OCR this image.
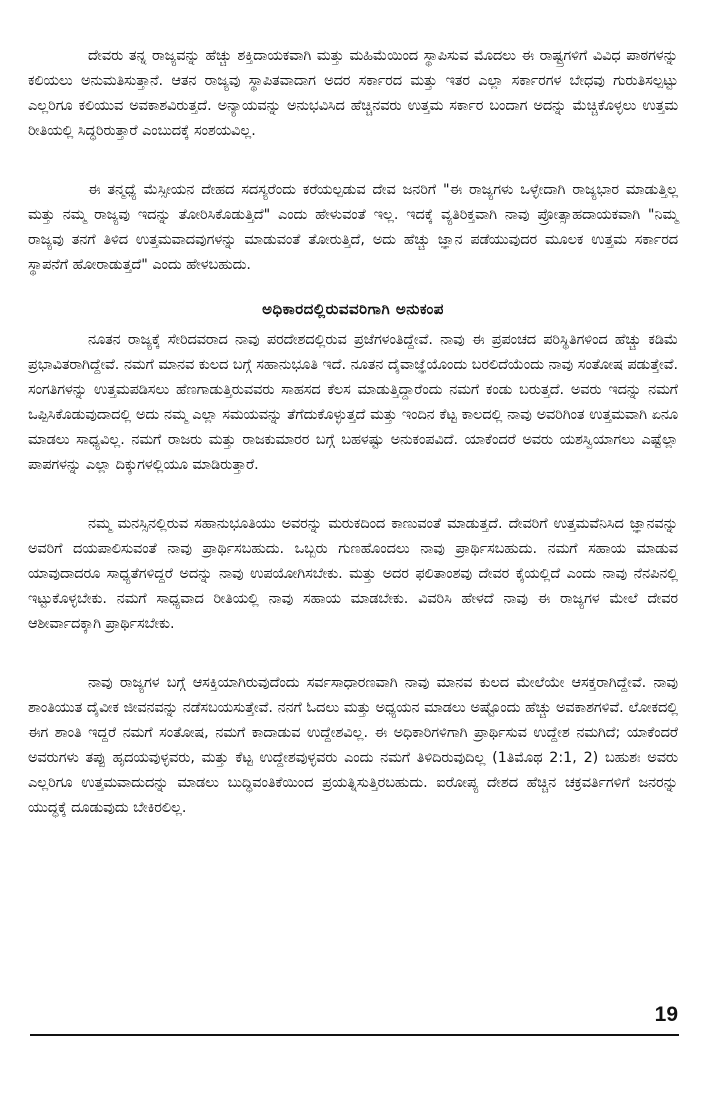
ದೇವರು ತನ್ನ ರಾಜ್ಯವನ್ನು ಹೆಚ್ಚು ಶಕ್ತಿದಾಯಕವಾಗಿ ಮತ್ತು ಮಹಿಮೆಯಿಂದ ಸ್ಥಾಪಿಸುವ ಮೊದಲು ಈ ರಾಷ್ಟ್ರಗಳಿಗೆ ವಿವಿಧ ಪಾಠಗಳನ್ನು ಕಲಿಯಲು ಅನುಮತಿಸುತ್ತಾನೆ. ಆತನ ರಾಜ್ಯವು ಸ್ಥಾಪಿತವಾದಾಗ ಅದರ ಸರ್ಕಾರದ ಮತ್ತು ಇತರ ಎಲ್ಲಾ ಸರ್ಕಾರಗಳ ಬೇಧವು ಗುರುತಿಸಲ್ಪಟ್ಟು ಎಲ್ಲರಿಗೂ ಕಲಿಯುವ ಅವಕಾಶವಿರುತ್ತದೆ. ಅನ್ಯಾಯವನ್ನು ಅನುಭವಿಸಿದ ಹೆಚ್ಚಿನವರು ಉತ್ತಮ ಸರ್ಕಾರ ಬಂದಾಗ ಅದನ್ನು ಮೆಚ್ಚಿಕೊಳ್ಳಲು ಉತ್ತಮ ರೀತಿಯಲ್ಲಿ ಸಿದ್ಧರಿರುತ್ತಾರೆ ಎಂಬುದಕ್ಕೆ ಸಂಶಯವಿಲ್ಲ.

ಈ ತನ್ಮಧ್ಯೆ ಮೆಸ್ಸೀಯನ ದೇಹದ ಸದಸ್ಯರೆಂದು ಕರೆಯಲ್ಪಡುವ ದೇವ ಜನರಿಗೆ "ಈ ರಾಜ್ಯಗಳು ಒಳ್ಳೇದಾಗಿ ರಾಜ್ಯಭಾರ ಮಾಡುತ್ತಿಲ್ಲ ಮತ್ತು ನಮ್ಮ ರಾಜ್ಯವು ಇದನ್ನು ತೋರಿಸಿಕೊಡುತ್ತಿದೆ" ಎಂದು ಹೇಳುವಂತೆ ಇಲ್ಲ. ಇದಕ್ಕೆ ವ್ಯತಿರಿಕ್ತವಾಗಿ ನಾವು ಪ್ರೋತ್ಸಾಹದಾಯಕವಾಗಿ "ನಿಮ್ಮ ರಾಜ್ಯವು ತನಗೆ ತಿಳಿದ ಉತ್ತಮವಾದವುಗಳನ್ನು ಮಾಡುವಂತೆ ತೋರುತ್ತಿದೆ, ಅದು ಹೆಚ್ಚು ಜ್ಞಾನ ಪಡೆಯುವುದರ ಮೂಲಕ ಉತ್ತಮ ಸರ್ಕಾರದ ಸ್ಥಾಪನೆಗೆ ಹೋರಾಡುತ್ತದೆ" ಎಂದು ಹೇಳಬಹುದು.

ಅಧಿಕಾರದಲ್ಲಿರುವವರಿಗಾಗಿ ಅನುಕಂಪ

ನೂತನ ರಾಜ್ಯಕ್ಕೆ ಸೇರಿದವರಾದ ನಾವು ಪರದೇಶದಲ್ಲಿರುವ ಪ್ರಜೆಗಳಂತಿದ್ದೇವೆ. ನಾವು ಈ ಪ್ರಪಂಚದ ಪರಿಸ್ಥಿತಿಗಳಿಂದ ಹೆಚ್ಚು ಕಡಿಮೆ ಪ್ರಭಾವಿತರಾಗಿದ್ದೇವೆ. ನಮಗೆ ಮಾನವ ಕುಲದ ಬಗ್ಗೆ ಸಹಾನುಭೂತಿ ಇದೆ. ನೂತನ ದೈವಾಜ್ಞೆಯೊಂದು ಬರಲಿದೆಯೆಂದು ನಾವು ಸಂತೋಷ ಪಡುತ್ತೇವೆ. ಸಂಗತಿಗಳನ್ನು ಉತ್ತಮಪಡಿಸಲು ಹೆಣಗಾಡುತ್ತಿರುವವರು ಸಾಹಸದ ಕೆಲಸ ಮಾಡುತ್ತಿದ್ದಾರೆಂದು ನಮಗೆ ಕಂಡು ಬರುತ್ತದೆ. ಅವರು ಇದನ್ನು ನಮಗೆ ಒಪ್ಪಿಸಿಕೊಡುವುದಾದಲ್ಲಿ ಅದು ನಮ್ಮ ಎಲ್ಲಾ ಸಮಯವನ್ನು ತೆಗೆದುಕೊಳ್ಳುತ್ತದೆ ಮತ್ತು ಇಂದಿನ ಕೆಟ್ಟ ಕಾಲದಲ್ಲಿ ನಾವು ಅವರಿಗಿಂತ ಉತ್ತಮವಾಗಿ ಏನೂ ಮಾಡಲು ಸಾಧ್ಯವಿಲ್ಲ. ನಮಗೆ ರಾಜರು ಮತ್ತು ರಾಜಕುಮಾರರ ಬಗ್ಗೆ ಬಹಳಷ್ಟು ಅನುಕಂಪವಿದೆ. ಯಾಕೆಂದರೆ ಅವರು ಯಶಸ್ವಿಯಾಗಲು ಎಷ್ಟೆಲ್ಲಾ ಪಾಪಗಳನ್ನು ಎಲ್ಲಾ ದಿಕ್ಕುಗಳಲ್ಲಿಯೂ ಮಾಡಿರುತ್ತಾರೆ.

ನಮ್ಮ ಮನಸ್ಸಿನಲ್ಲಿರುವ ಸಹಾನುಭೂತಿಯು ಅವರನ್ನು ಮರುಕದಿಂದ ಕಾಣುವಂತೆ ಮಾಡುತ್ತದೆ. ದೇವರಿಗೆ ಉತ್ತಮವೆನಿಸಿದ ಜ್ಞಾನವನ್ನು ಅವರಿಗೆ ದಯಪಾಲಿಸುವಂತೆ ನಾವು ಪ್ರಾರ್ಥಿಸಬಹುದು. ಒಬ್ಬರು ಗುಣಹೊಂದಲು ನಾವು ಪ್ರಾರ್ಥಿಸಬಹುದು. ನಮಗೆ ಸಹಾಯ ಮಾಡುವ ಯಾವುದಾದರೂ ಸಾಧ್ಯತೆಗಳಿದ್ದರೆ ಅದನ್ನು ನಾವು ಉಪಯೋಗಿಸಬೇಕು. ಮತ್ತು ಅದರ ಫಲಿತಾಂಶವು ದೇವರ ಕೈಯಲ್ಲಿದೆ ಎಂದು ನಾವು ನೆನಪಿನಲ್ಲಿ ಇಟ್ಟುಕೊಳ್ಳಬೇಕು. ನಮಗೆ ಸಾಧ್ಯವಾದ ರೀತಿಯಲ್ಲಿ ನಾವು ಸಹಾಯ ಮಾಡಬೇಕು. ವಿವರಿಸಿ ಹೇಳದೆ ನಾವು ಈ ರಾಜ್ಯಗಳ ಮೇಲೆ ದೇವರ ಆಶೀರ್ವಾದಕ್ಕಾಗಿ ಪ್ರಾರ್ಥಿಸಬೇಕು.

ನಾವು ರಾಜ್ಯಗಳ ಬಗ್ಗೆ ಆಸಕ್ತಿಯಾಗಿರುವುದೆಂದು ಸರ್ವಸಾಧಾರಣವಾಗಿ ನಾವು ಮಾನವ ಕುಲದ ಮೇಲೆಯೇ ಆಸಕ್ತರಾಗಿದ್ದೇವೆ. ನಾವು ಶಾಂತಿಯುತ ದೈವೀಕ ಜೀವನವನ್ನು ನಡೆಸಬಯಸುತ್ತೇವೆ. ನನಗೆ ಓದಲು ಮತ್ತು ಅಧ್ಯಯನ ಮಾಡಲು ಅಷ್ಟೊಂದು ಹೆಚ್ಚು ಅವಕಾಶಗಳಿವೆ. ಲೋಕದಲ್ಲಿ ಈಗ ಶಾಂತಿ ಇದ್ದರೆ ನಮಗೆ ಸಂತೋಷ, ನಮಗೆ ಕಾದಾಡುವ ಉದ್ದೇಶವಿಲ್ಲ. ಈ ಅಧಿಕಾರಿಗಳಿಗಾಗಿ ಪ್ರಾರ್ಥಿಸುವ ಉದ್ದೇಶ ನಮಗಿದೆ; ಯಾಕೆಂದರೆ ಅವರುಗಳು ತಪ್ಪು ಹೃದಯವುಳ್ಳವರು, ಮತ್ತು ಕೆಟ್ಟ ಉದ್ದೇಶವುಳ್ಳವರು ಎಂದು ನಮಗೆ ತಿಳಿದಿರುವುದಿಲ್ಲ (1ತಿಮೊಥ 2:1, 2) ಬಹುಶಃ ಅವರು ಎಲ್ಲರಿಗೂ ಉತ್ತಮವಾದುದನ್ನು ಮಾಡಲು ಬುದ್ಧಿವಂತಿಕೆಯಿಂದ ಪ್ರಯತ್ನಿಸುತ್ತಿರಬಹುದು. ಐರೋಪ್ಯ ದೇಶದ ಹೆಚ್ಚಿನ ಚಕ್ರವರ್ತಿಗಳಿಗೆ ಜನರನ್ನು ಯುದ್ಧಕ್ಕೆ ದೂಡುವುದು ಬೇಕಿರಲಿಲ್ಲ.

19
